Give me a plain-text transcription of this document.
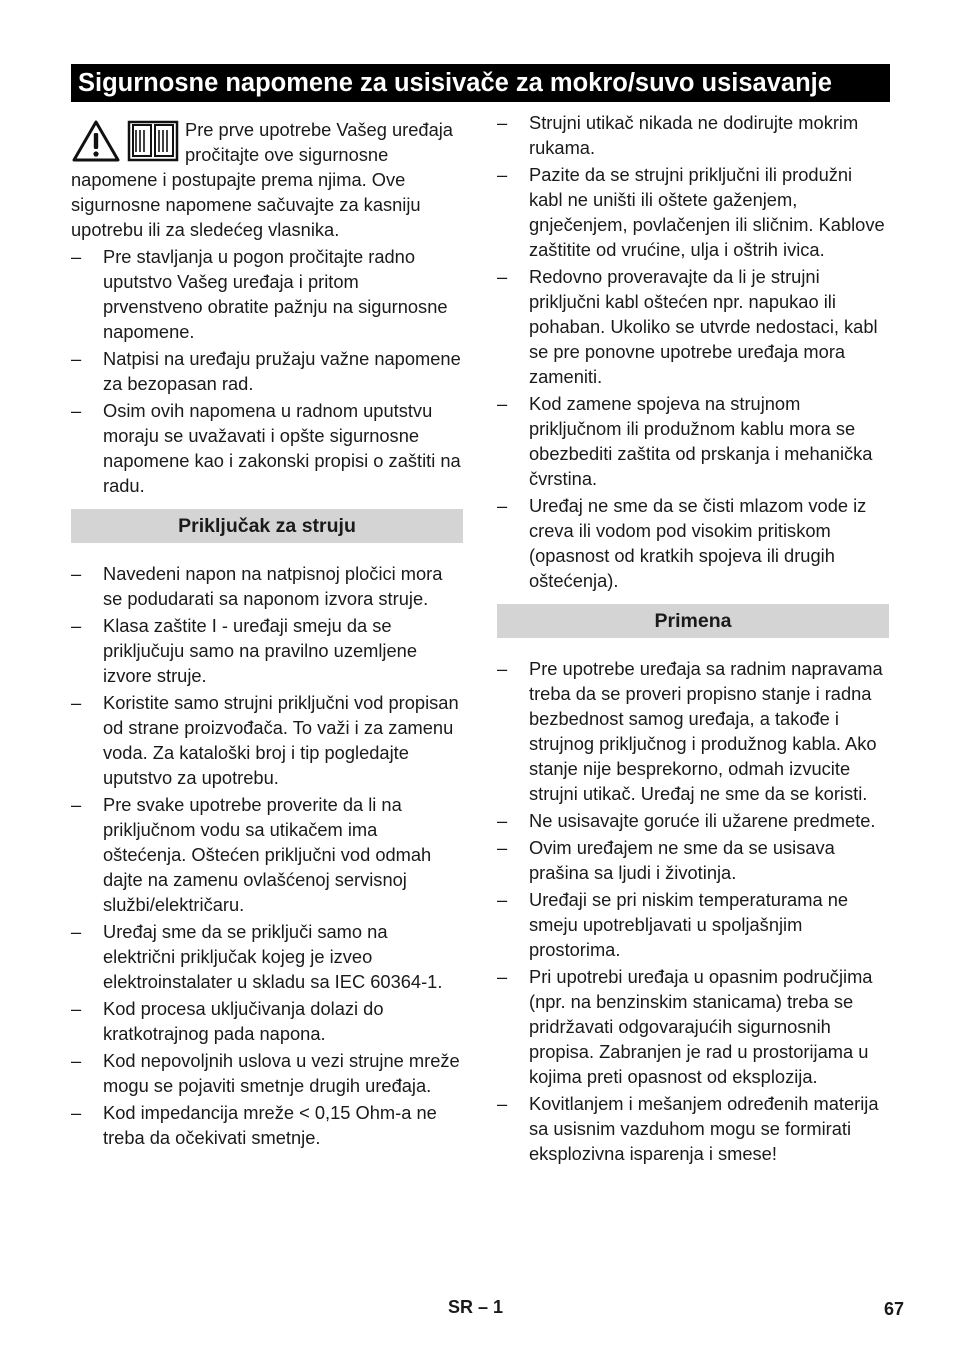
Sigurnosne napomene za usisivače za mokro/suvo usisavanje
Pre prve upotrebe Vašeg uređaja pročitajte ove sigurnosne napomene i postupajte prema njima. Ove sigurnosne napomene sačuvajte za kasniju upotrebu ili za sledećeg vlasnika.
– Pre stavljanja u pogon pročitajte radno uputstvo Vašeg uređaja i pritom prvenstveno obratite pažnju na sigurnosne napomene.
– Natpisi na uređaju pružaju važne napomene za bezopasan rad.
– Osim ovih napomena u radnom uputstvu moraju se uvažavati i opšte sigurnosne napomene kao i zakonski propisi o zaštiti na radu.
Priključak za struju
– Navedeni napon na natpisnoj pločici mora se podudarati sa naponom izvora struje.
– Klasa zaštite I - uređaji smeju da se priključuju samo na pravilno uzemljene izvore struje.
– Koristite samo strujni priključni vod propisan od strane proizvođača. To važi i za zamenu voda. Za kataloški broj i tip pogledajte uputstvo za upotrebu.
– Pre svake upotrebe proverite da li na priključnom vodu sa utikačem ima oštećenja. Oštećen priključni vod odmah dajte na zamenu ovlašćenoj servisnoj službi/električaru.
– Uređaj sme da se priključi samo na električni priključak kojeg je izveo elektroinstalater u skladu sa IEC 60364-1.
– Kod procesa uključivanja dolazi do kratkotrajnog pada napona.
– Kod nepovoljnih uslova u vezi strujne mreže mogu se pojaviti smetnje drugih uređaja.
– Kod impedancija mreže < 0,15 Ohm-a ne treba da očekivati smetnje.
– Strujni utikač nikada ne dodirujte mokrim rukama.
– Pazite da se strujni priključni ili produžni kabl ne uništi ili oštete gaženjem, gnječenjem, povlačenjen ili sličnim. Kablove zaštitite od vrućine, ulja i oštrih ivica.
– Redovno proveravajte da li je strujni priključni kabl oštećen npr. napukao ili pohaban. Ukoliko se utvrde nedostaci, kabl se pre ponovne upotrebe uređaja mora zameniti.
– Kod zamene spojeva na strujnom priključnom ili produžnom kablu mora se obezbediti zaštita od prskanja i mehanička čvrstina.
– Uređaj ne sme da se čisti mlazom vode iz creva ili vodom pod visokim pritiskom (opasnost od kratkih spojeva ili drugih oštećenja).
Primena
– Pre upotrebe uređaja sa radnim napravama treba da se proveri propisno stanje i radna bezbednost samog uređaja, a takođe i strujnog priključnog i produžnog kabla. Ako stanje nije besprekorno, odmah izvucite strujni utikač. Uređaj ne sme da se koristi.
– Ne usisavajte goruće ili užarene predmete.
– Ovim uređajem ne sme da se usisava prašina sa ljudi i životinja.
– Uređaji se pri niskim temperaturama ne smeju upotrebljavati u spoljašnjim prostorima.
– Pri upotrebi uređaja u opasnim područjima (npr. na benzinskim stanicama) treba se pridržavati odgovarajućih sigurnosnih propisa. Zabranjen je rad u prostorijama u kojima preti opasnost od eksplozija.
– Kovitlanjem i mešanjem određenih materija sa usisnim vazduhom mogu se formirati eksplozivna isparenja i smese!
SR – 1	67
